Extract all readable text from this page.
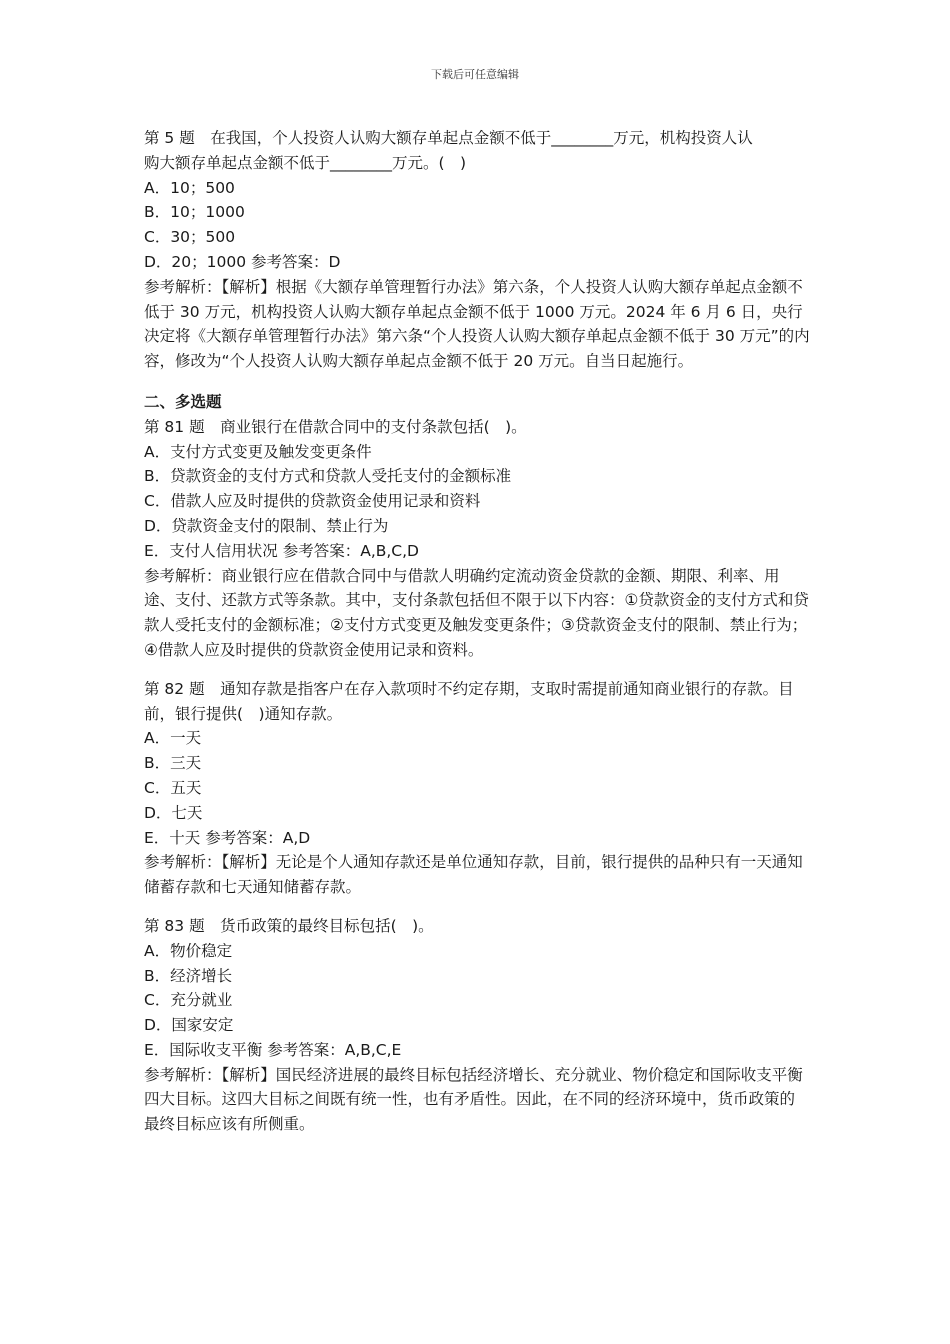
下载后可任意编辑
第 5 题　在我国，个人投资人认购大额存单起点金额不低于________万元，机构投资人认
购大额存单起点金额不低于________万元。(　)
A．10；500
B．10；1000
C．30；500
D．20；1000 参考答案：D
参考解析：【解析】根据《大额存单管理暂行办法》第六条，个人投资人认购大额存单起点金额不低于 30 万元，机构投资人认购大额存单起点金额不低于 1000 万元。2024 年 6 月 6 日，央行决定将《大额存单管理暂行办法》第六条“个人投资人认购大额存单起点金额不低于 30 万元”的内容，修改为“个人投资人认购大额存单起点金额不低于 20 万元。自当日起施行。
二、多选题
第 81 题　商业银行在借款合同中的支付条款包括(　)。
A．支付方式变更及触发变更条件
B．贷款资金的支付方式和贷款人受托支付的金额标准
C．借款人应及时提供的贷款资金使用记录和资料
D．贷款资金支付的限制、禁止行为
E．支付人信用状况 参考答案：A,B,C,D
参考解析：商业银行应在借款合同中与借款人明确约定流动资金贷款的金额、期限、利率、用途、支付、还款方式等条款。其中，支付条款包括但不限于以下内容：①贷款资金的支付方式和贷款人受托支付的金额标准；②支付方式变更及触发变更条件；③贷款资金支付的限制、禁止行为；④借款人应及时提供的贷款资金使用记录和资料。
第 82 题　通知存款是指客户在存入款项时不约定存期，支取时需提前通知商业银行的存款。目前，银行提供(　)通知存款。
A．一天
B．三天
C．五天
D．七天
E．十天 参考答案：A,D
参考解析：【解析】无论是个人通知存款还是单位通知存款，目前，银行提供的品种只有一天通知储蓄存款和七天通知储蓄存款。
第 83 题　货币政策的最终目标包括(　)。
A．物价稳定
B．经济增长
C．充分就业
D．国家安定
E．国际收支平衡 参考答案：A,B,C,E
参考解析：【解析】国民经济进展的最终目标包括经济增长、充分就业、物价稳定和国际收支平衡四大目标。这四大目标之间既有统一性，也有矛盾性。因此，在不同的经济环境中，货币政策的最终目标应该有所侧重。
